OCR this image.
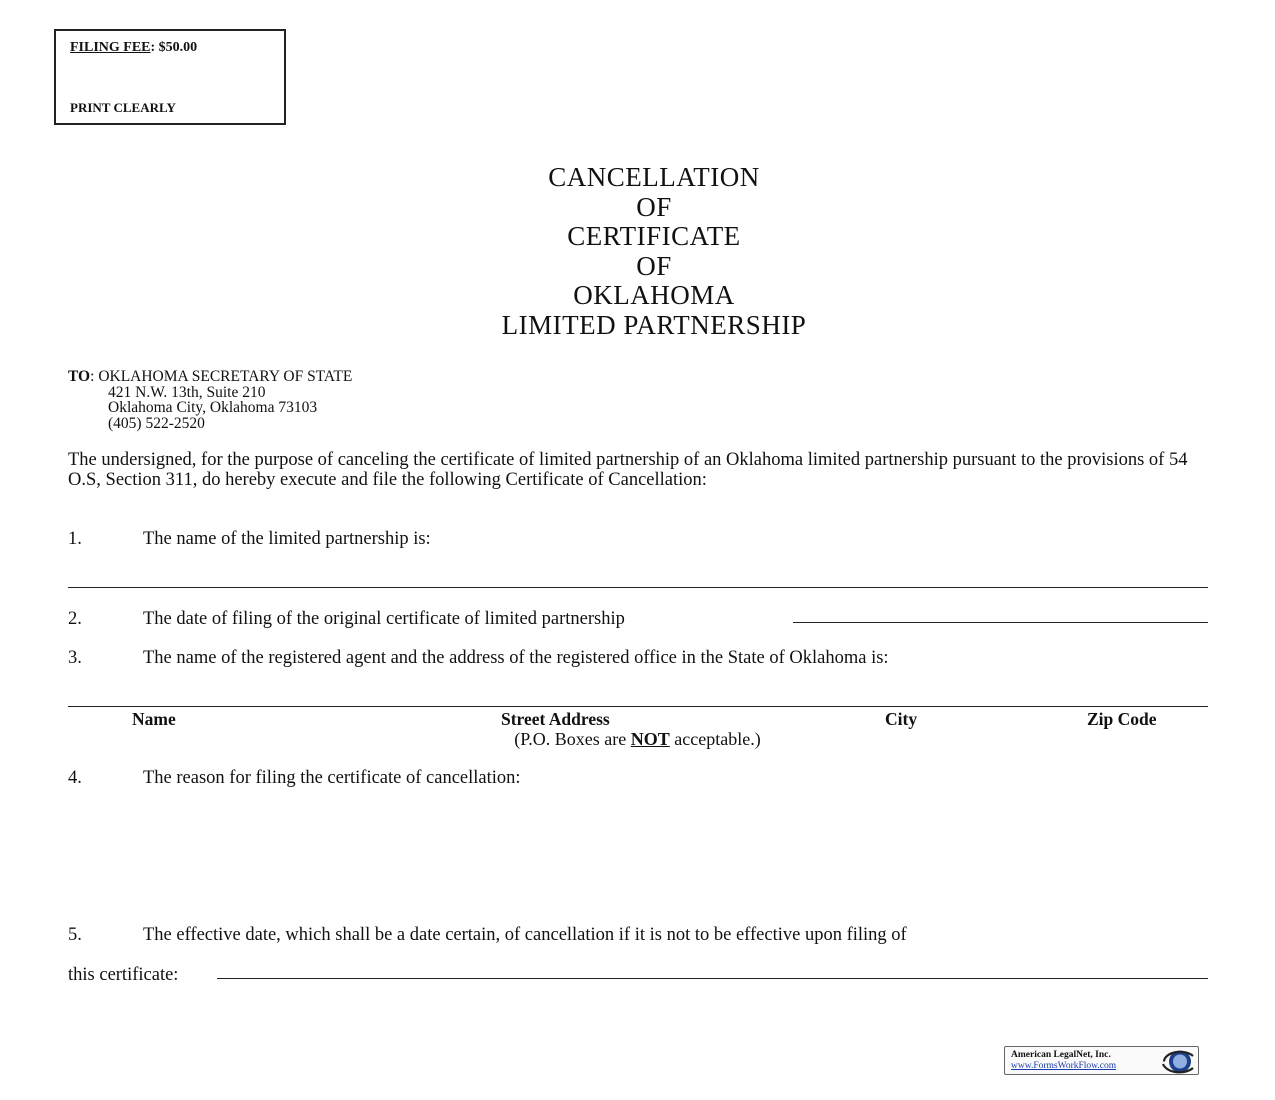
FILING FEE: $50.00
PRINT CLEARLY
CANCELLATION
OF
CERTIFICATE
OF
OKLAHOMA
LIMITED PARTNERSHIP
TO: OKLAHOMA SECRETARY OF STATE
421 N.W. 13th, Suite 210
Oklahoma City, Oklahoma 73103
(405) 522-2520
The undersigned, for the purpose of canceling the certificate of limited partnership of an Oklahoma limited partnership pursuant to the provisions of 54 O.S, Section 311, do hereby execute and file the following Certificate of Cancellation:
1.	The name of the limited partnership is:
2.	The date of filing of the original certificate of limited partnership
3.	The name of the registered agent and the address of the registered office in the State of Oklahoma is:
Name	Street Address	City	Zip Code
(P.O. Boxes are NOT acceptable.)
4.	The reason for filing the certificate of cancellation:
5.	The effective date, which shall be a date certain, of cancellation if it is not to be effective upon filing of
this certificate:
American LegalNet, Inc.
www.FormsWorkFlow.com
